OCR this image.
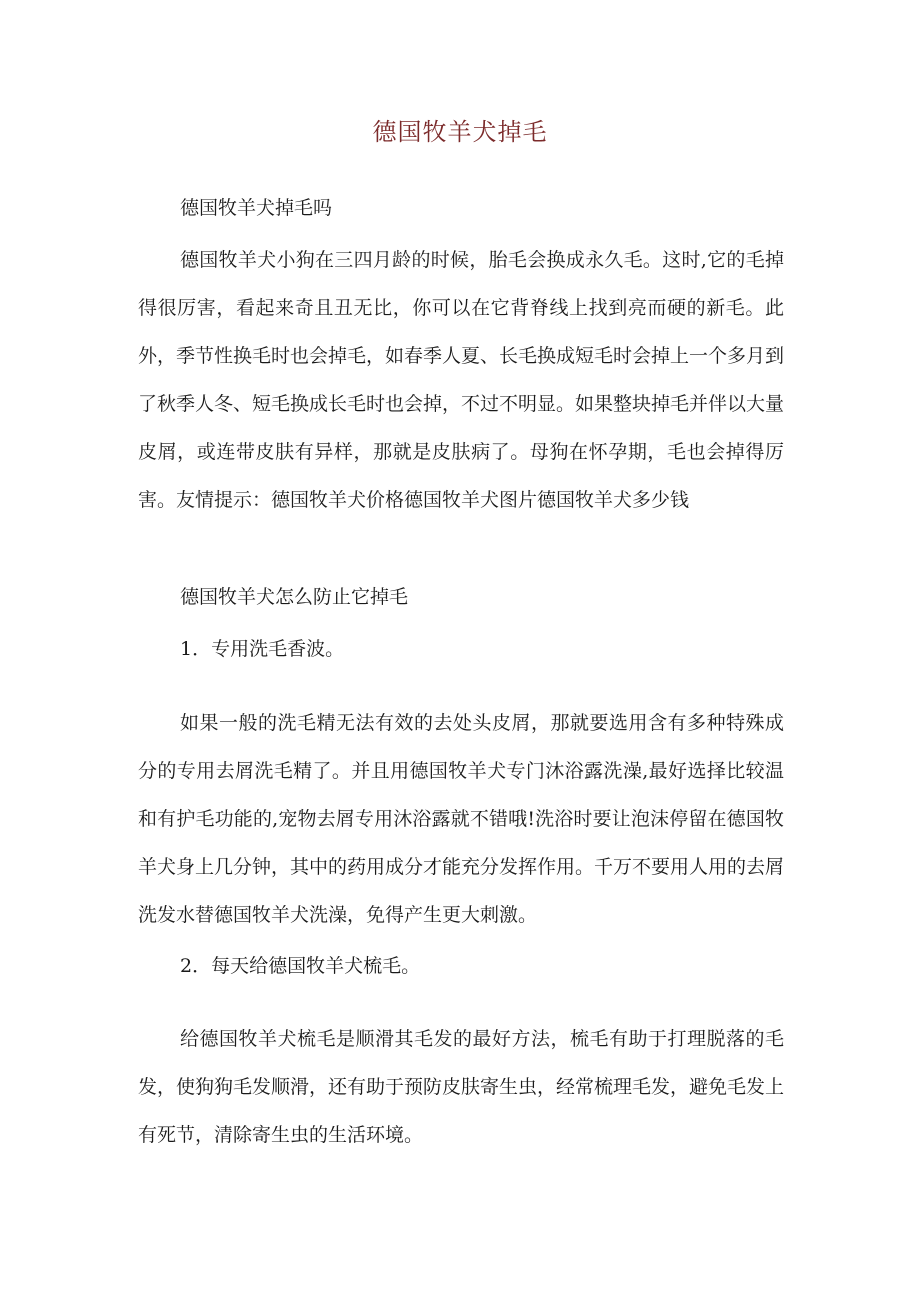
德国牧羊犬掉毛
德国牧羊犬掉毛吗
德国牧羊犬小狗在三四月龄的时候，胎毛会换成永久毛。这时,它的毛掉得很厉害，看起来奇且丑无比，你可以在它背脊线上找到亮而硬的新毛。此外，季节性换毛时也会掉毛，如春季人夏、长毛换成短毛时会掉上一个多月到了秋季人冬、短毛换成长毛时也会掉，不过不明显。如果整块掉毛并伴以大量皮屑，或连带皮肤有异样，那就是皮肤病了。母狗在怀孕期，毛也会掉得厉害。友情提示：德国牧羊犬价格德国牧羊犬图片德国牧羊犬多少钱
德国牧羊犬怎么防止它掉毛
1．专用洗毛香波。
如果一般的洗毛精无法有效的去处头皮屑，那就要选用含有多种特殊成分的专用去屑洗毛精了。并且用德国牧羊犬专门沐浴露洗澡,最好选择比较温和有护毛功能的,宠物去屑专用沐浴露就不错哦!洗浴时要让泡沫停留在德国牧羊犬身上几分钟，其中的药用成分才能充分发挥作用。千万不要用人用的去屑洗发水替德国牧羊犬洗澡，免得产生更大刺激。
2．每天给德国牧羊犬梳毛。
给德国牧羊犬梳毛是顺滑其毛发的最好方法，梳毛有助于打理脱落的毛发，使狗狗毛发顺滑，还有助于预防皮肤寄生虫，经常梳理毛发，避免毛发上有死节，清除寄生虫的生活环境。
